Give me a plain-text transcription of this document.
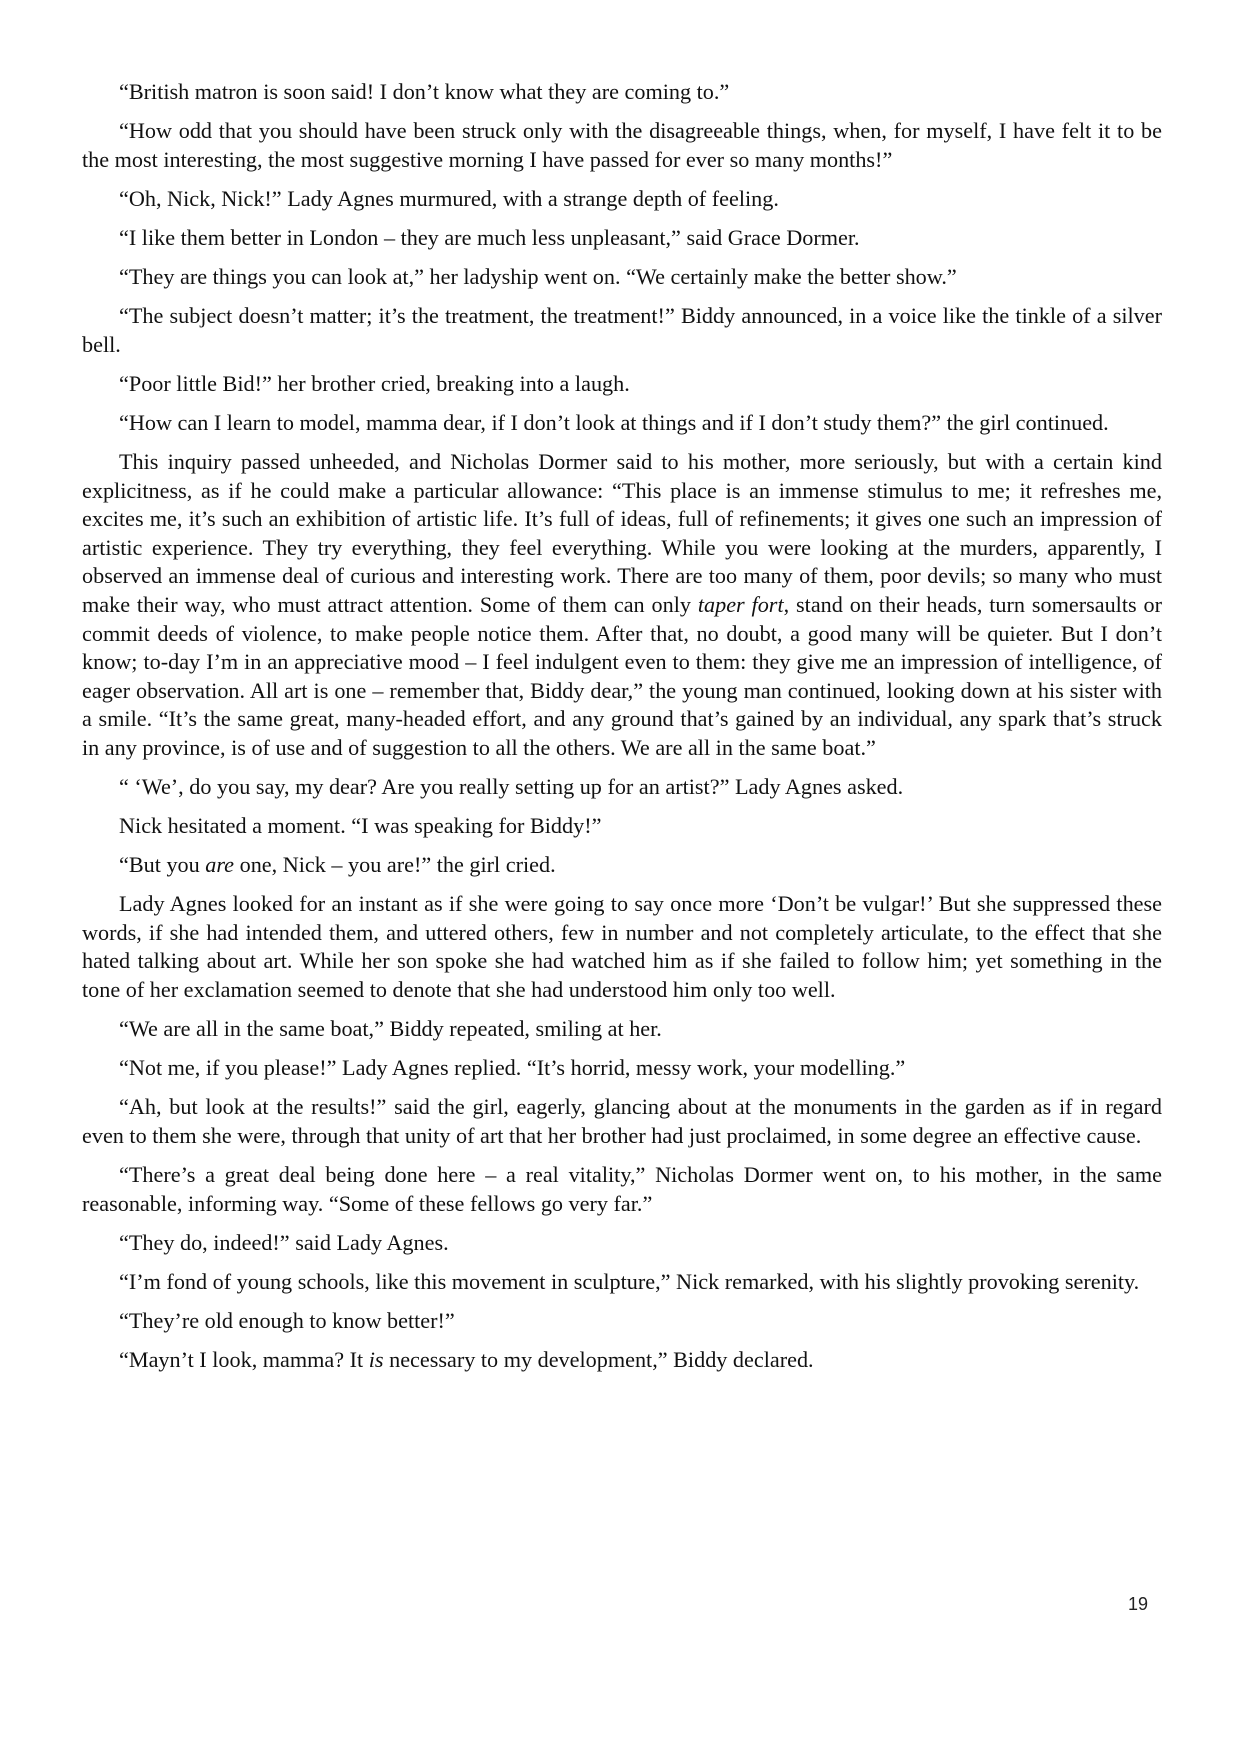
“British matron is soon said! I don’t know what they are coming to.”

“How odd that you should have been struck only with the disagreeable things, when, for myself, I have felt it to be the most interesting, the most suggestive morning I have passed for ever so many months!”

“Oh, Nick, Nick!” Lady Agnes murmured, with a strange depth of feeling.

“I like them better in London – they are much less unpleasant,” said Grace Dormer.

“They are things you can look at,” her ladyship went on. “We certainly make the better show.”

“The subject doesn’t matter; it’s the treatment, the treatment!” Biddy announced, in a voice like the tinkle of a silver bell.

“Poor little Bid!” her brother cried, breaking into a laugh.

“How can I learn to model, mamma dear, if I don’t look at things and if I don’t study them?” the girl continued.

This inquiry passed unheeded, and Nicholas Dormer said to his mother, more seriously, but with a certain kind explicitness, as if he could make a particular allowance: “This place is an immense stimulus to me; it refreshes me, excites me, it’s such an exhibition of artistic life. It’s full of ideas, full of refinements; it gives one such an impression of artistic experience. They try everything, they feel everything. While you were looking at the murders, apparently, I observed an immense deal of curious and interesting work. There are too many of them, poor devils; so many who must make their way, who must attract attention. Some of them can only taper fort, stand on their heads, turn somersaults or commit deeds of violence, to make people notice them. After that, no doubt, a good many will be quieter. But I don’t know; to-day I’m in an appreciative mood – I feel indulgent even to them: they give me an impression of intelligence, of eager observation. All art is one – remember that, Biddy dear,” the young man continued, looking down at his sister with a smile. “It’s the same great, many-headed effort, and any ground that’s gained by an individual, any spark that’s struck in any province, is of use and of suggestion to all the others. We are all in the same boat.”

“ ‘We’, do you say, my dear? Are you really setting up for an artist?” Lady Agnes asked.

Nick hesitated a moment. “I was speaking for Biddy!”

“But you are one, Nick – you are!” the girl cried.

Lady Agnes looked for an instant as if she were going to say once more ‘Don’t be vulgar!’ But she suppressed these words, if she had intended them, and uttered others, few in number and not completely articulate, to the effect that she hated talking about art. While her son spoke she had watched him as if she failed to follow him; yet something in the tone of her exclamation seemed to denote that she had understood him only too well.

“We are all in the same boat,” Biddy repeated, smiling at her.

“Not me, if you please!” Lady Agnes replied. “It’s horrid, messy work, your modelling.”

“Ah, but look at the results!” said the girl, eagerly, glancing about at the monuments in the garden as if in regard even to them she were, through that unity of art that her brother had just proclaimed, in some degree an effective cause.

“There’s a great deal being done here – a real vitality,” Nicholas Dormer went on, to his mother, in the same reasonable, informing way. “Some of these fellows go very far.”

“They do, indeed!” said Lady Agnes.

“I’m fond of young schools, like this movement in sculpture,” Nick remarked, with his slightly provoking serenity.

“They’re old enough to know better!”

“Mayn’t I look, mamma? It is necessary to my development,” Biddy declared.

19
